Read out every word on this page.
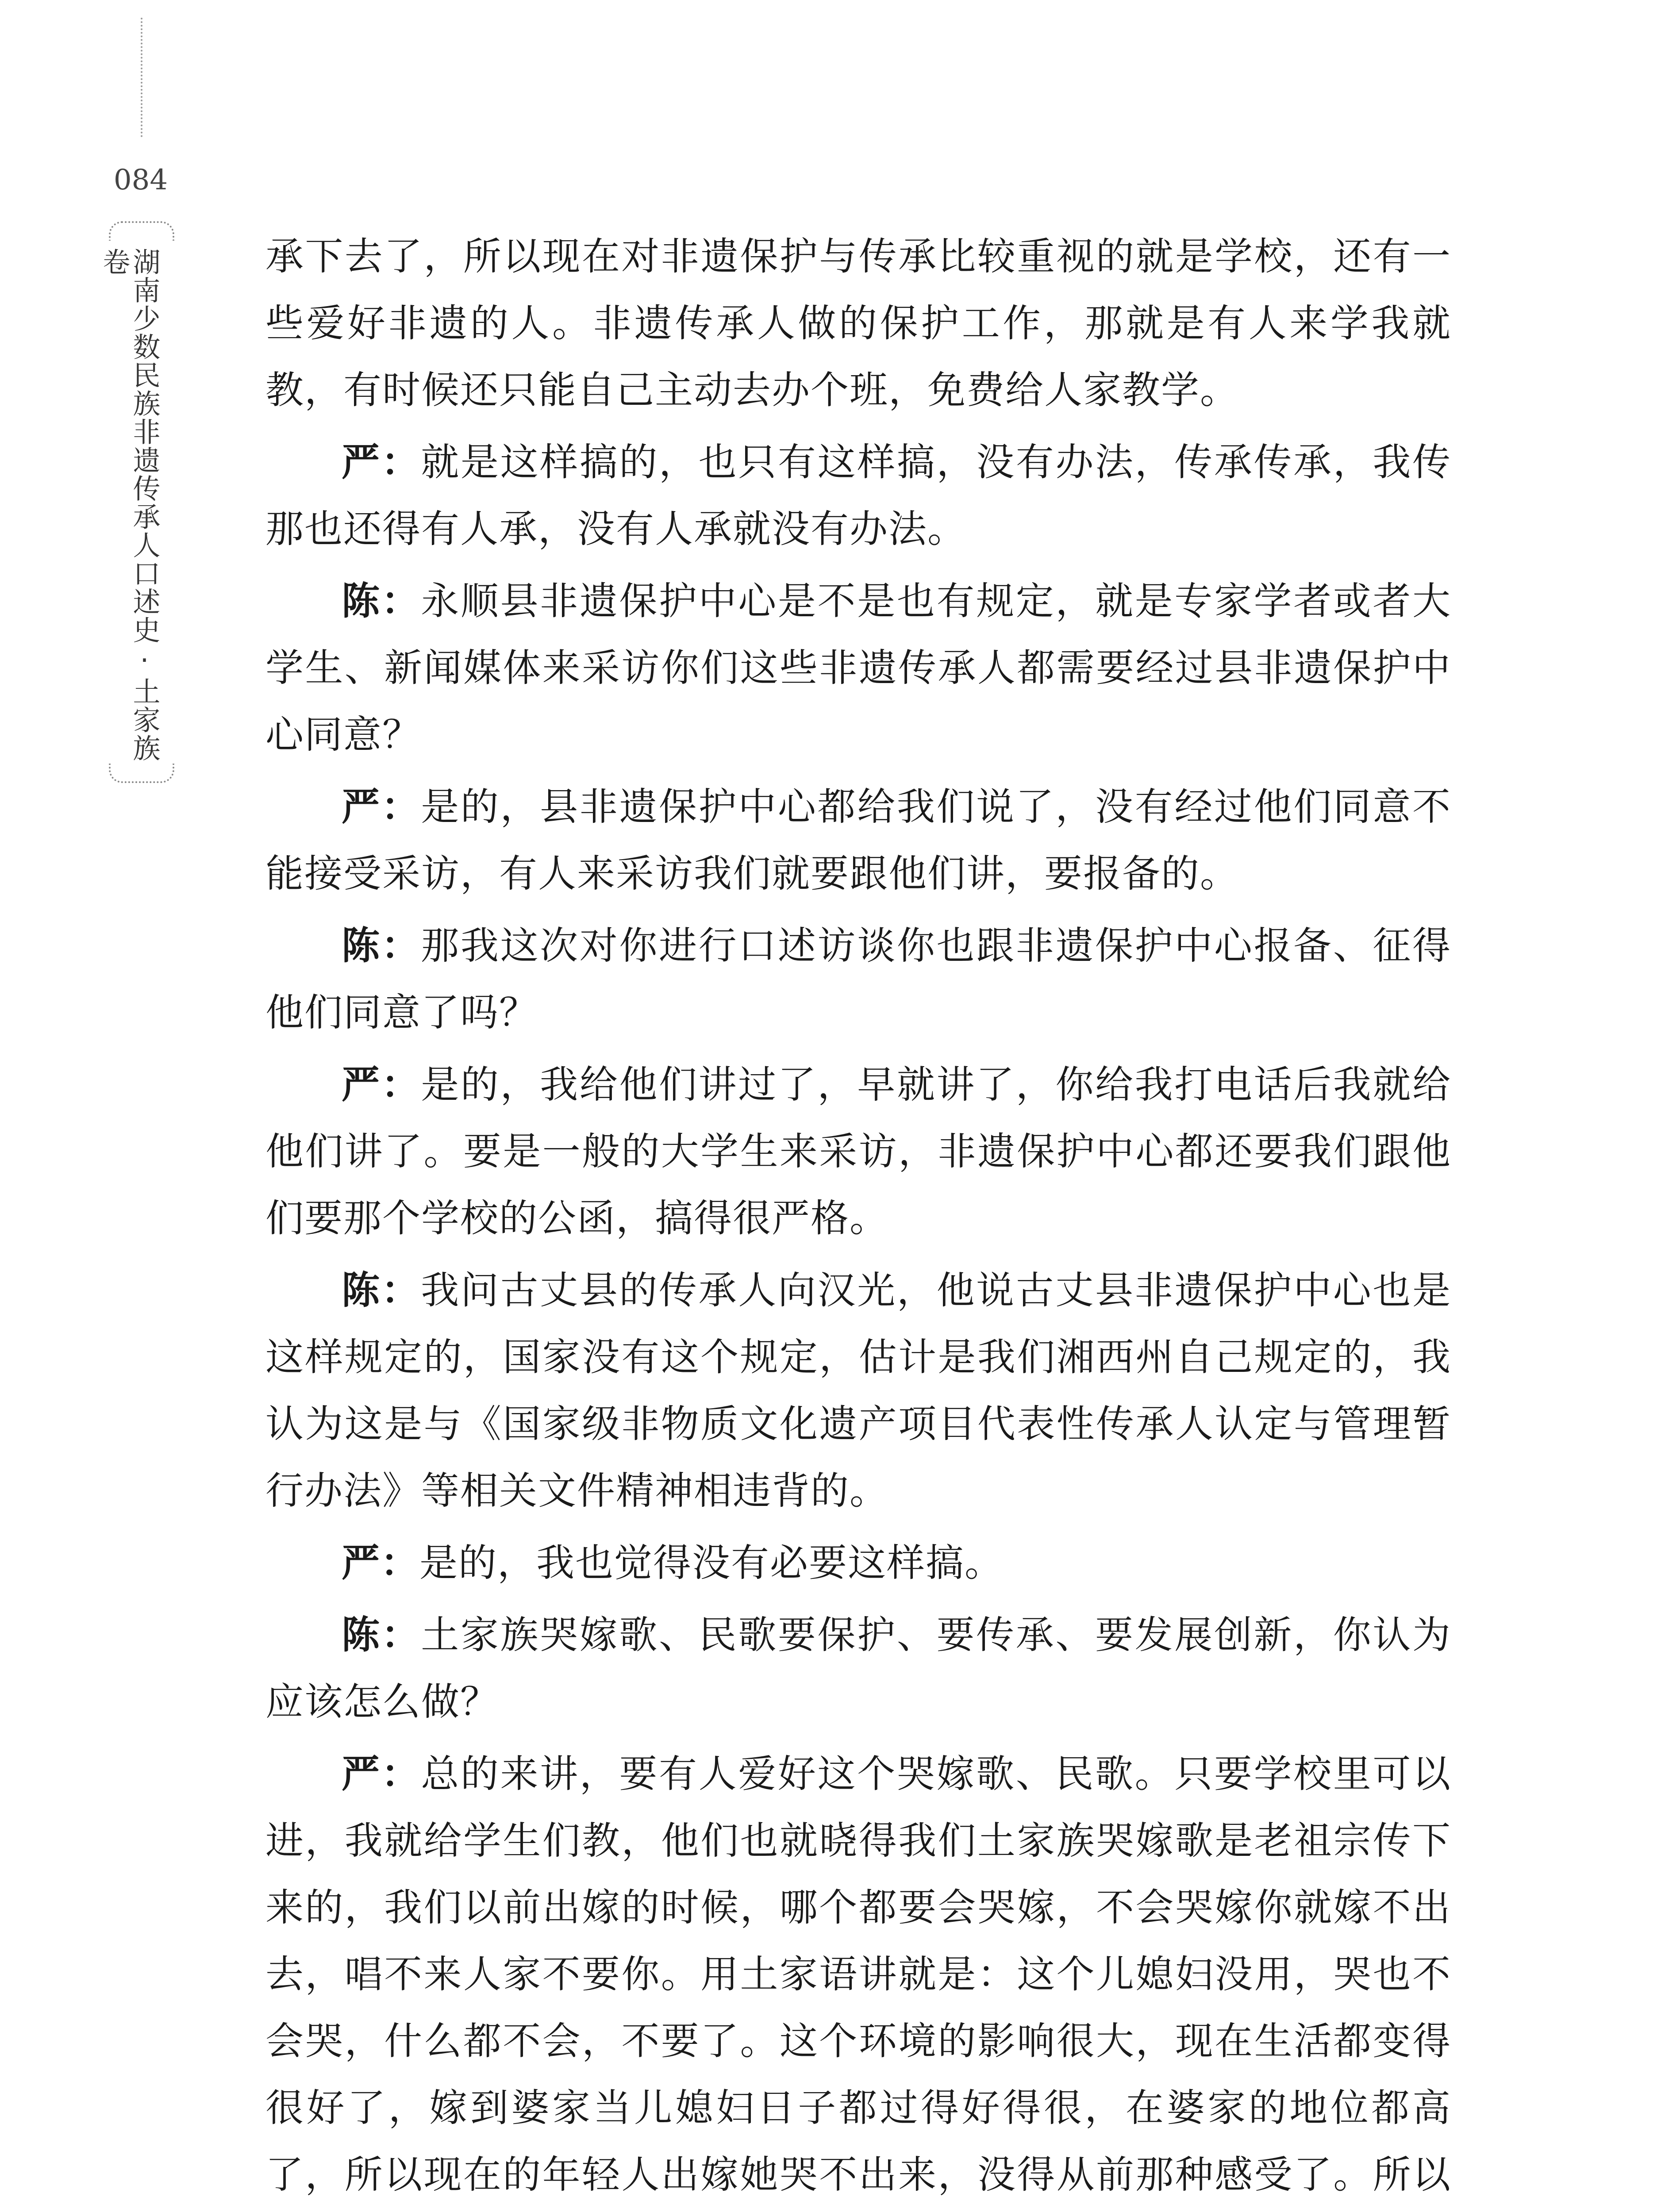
084
湖南少数民族非遗传承人口述史·土家族卷	承下去了，所以现在对非遗保护与传承比较重视的就是学校，还有一些爱好非遗的人。非遗传承人做的保护工作，那就是有人来学我就教，有时候还只能自己主动去办个班，免费给人家教学。

严：就是这样搞的，也只有这样搞，没有办法，传承传承，我传那也还得有人承，没有人承就没有办法。

陈：永顺县非遗保护中心是不是也有规定，就是专家学者或者大学生、新闻媒体来采访你们这些非遗传承人都需要经过县非遗保护中心同意？

严：是的，县非遗保护中心都给我们说了，没有经过他们同意不能接受采访，有人来采访我们就要跟他们讲，要报备的。

陈：那我这次对你进行口述访谈你也跟非遗保护中心报备、征得他们同意了吗？

严：是的，我给他们讲过了，早就讲了，你给我打电话后我就给他们讲了。要是一般的大学生来采访，非遗保护中心都还要我们跟他们要那个学校的公函，搞得很严格。

陈：我问古丈县的传承人向汉光，他说古丈县非遗保护中心也是这样规定的，国家没有这个规定，估计是我们湘西州自己规定的，我认为这是与《国家级非物质文化遗产项目代表性传承人认定与管理暂行办法》等相关文件精神相违背的。

严：是的，我也觉得没有必要这样搞。

陈：土家族哭嫁歌、民歌要保护、要传承、要发展创新，你认为应该怎么做？

严：总的来讲，要有人爱好这个哭嫁歌、民歌。只要学校里可以进，我就给学生们教，他们也就晓得我们土家族哭嫁歌是老祖宗传下来的，我们以前出嫁的时候，哪个都要会哭嫁，不会哭嫁你就嫁不出去，唱不来人家不要你。用土家语讲就是：这个儿媳妇没用，哭也不会哭，什么都不会，不要了。这个环境的影响很大，现在生活都变得很好了，嫁到婆家当儿媳妇日子都过得好得很，在婆家的地位都高了，所以现在的年轻人出嫁她哭不出来，没得从前那种感受了。所以
